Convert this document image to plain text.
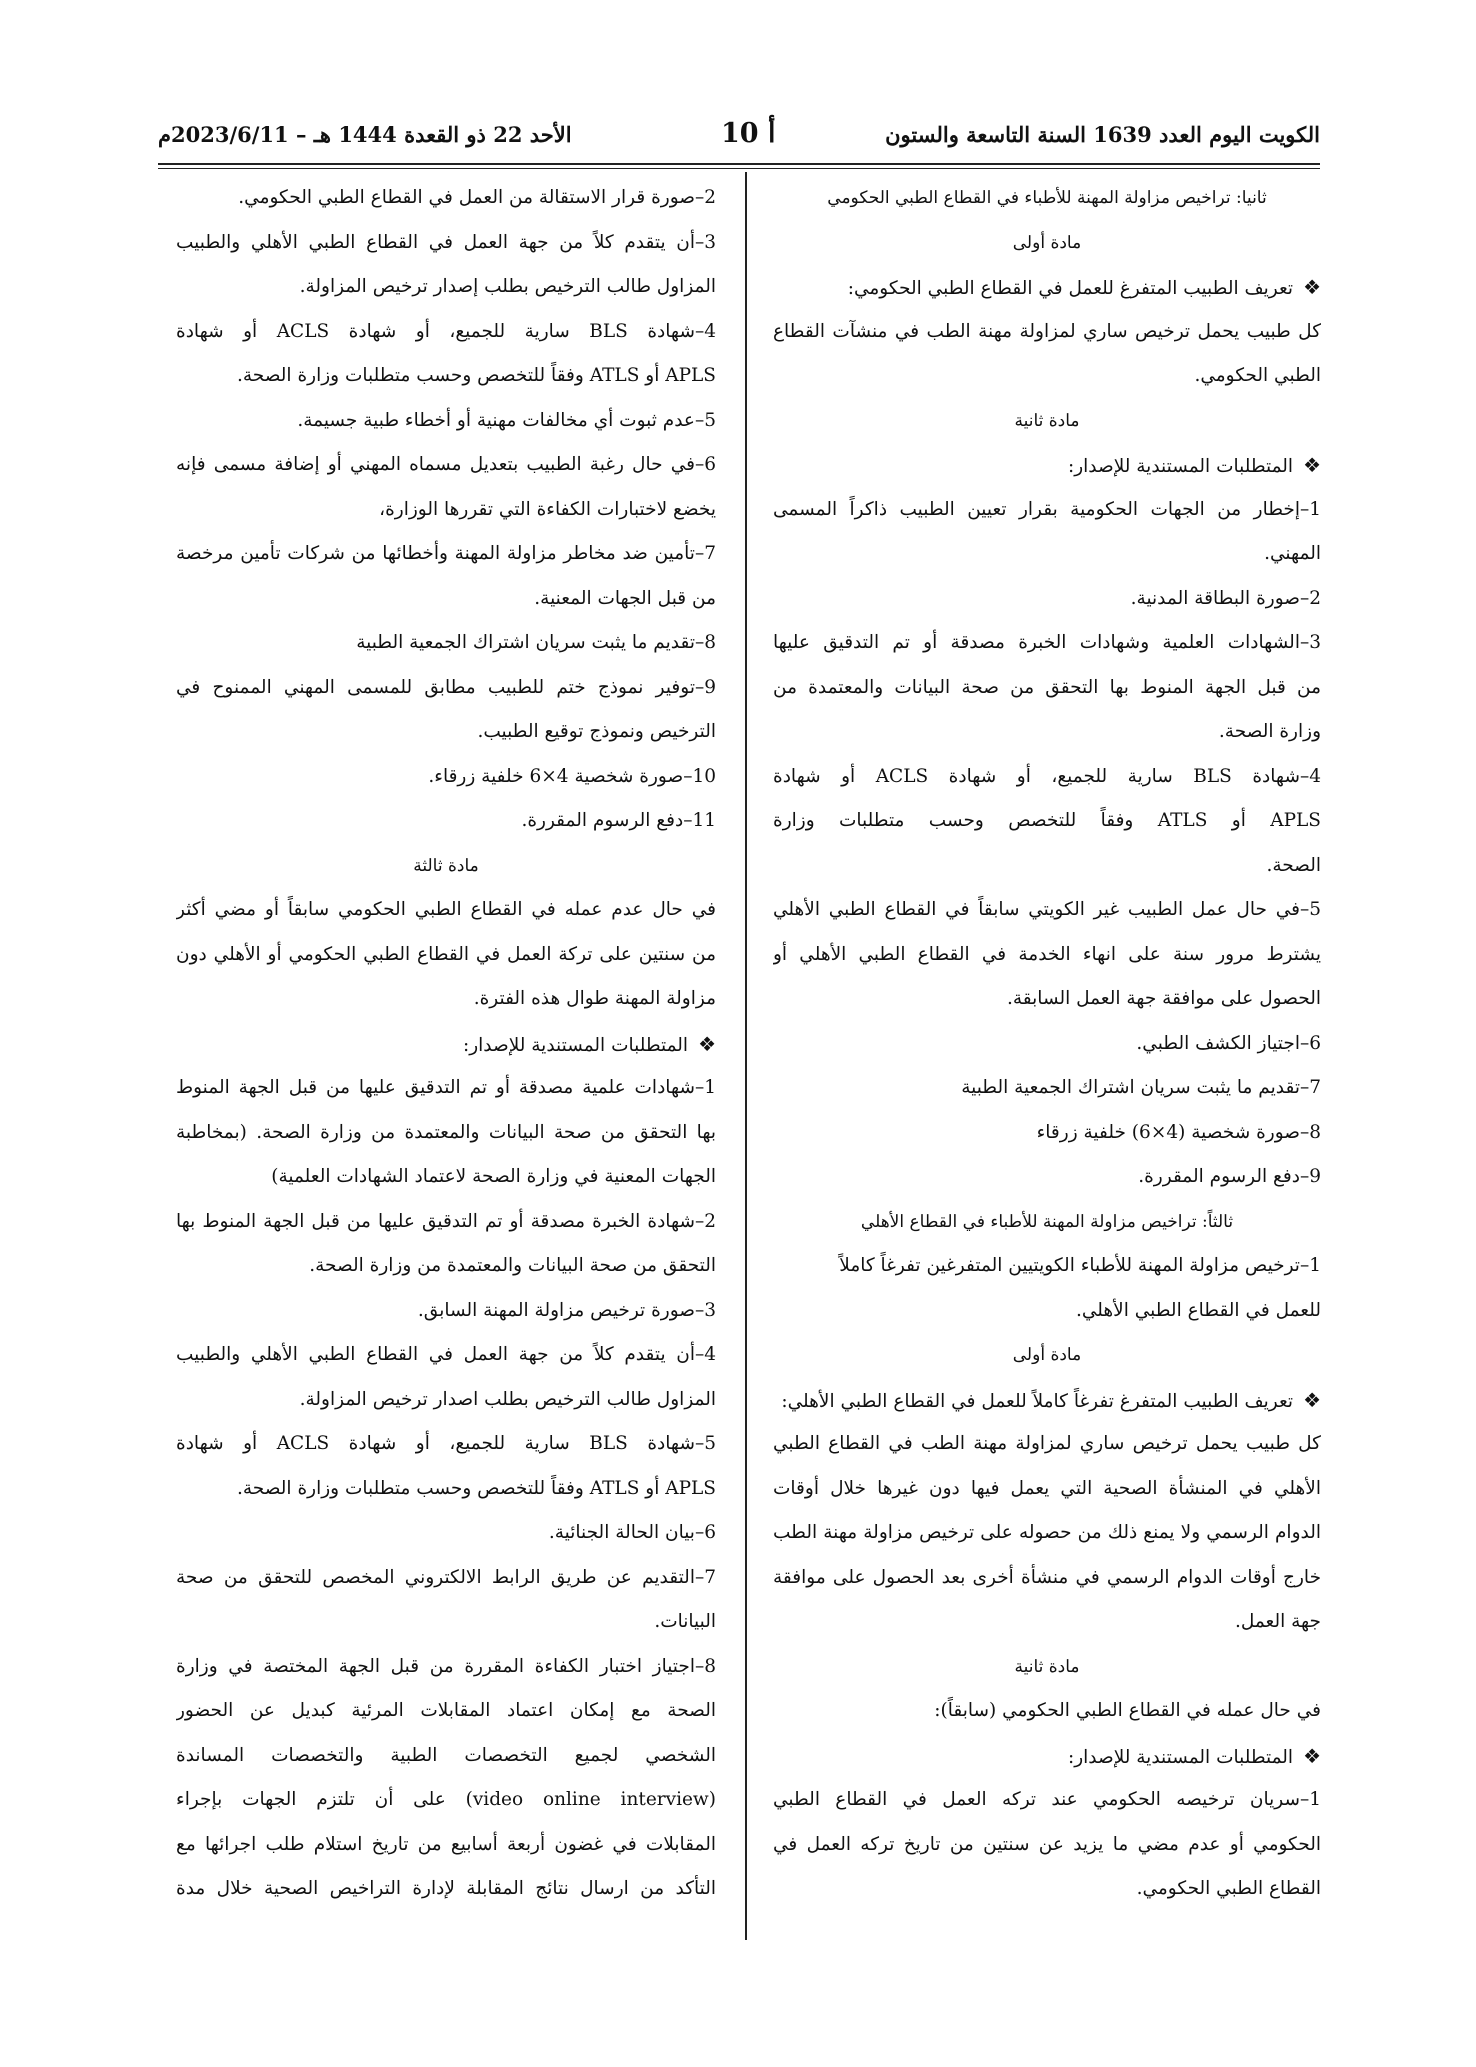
الكويت اليوم العدد 1639 السنة التاسعة والستون
أ 10
الأحد 22 ذو القعدة 1444 هـ – 2023/6/11م
ثانيا: تراخيص مزاولة المهنة للأطباء في القطاع الطبي الحكومي
مادة أولى
❖تعريف الطبيب المتفرغ للعمل في القطاع الطبي الحكومي:
كل طبيب يحمل ترخيص ساري لمزاولة مهنة الطب في منشآت القطاع
الطبي الحكومي.
مادة ثانية
❖المتطلبات المستندية للإصدار:
1–إخطار من الجهات الحكومية بقرار تعيين الطبيب ذاكراً المسمى
المهني.
2–صورة البطاقة المدنية.
3–الشهادات العلمية وشهادات الخبرة مصدقة أو تم التدقيق عليها
من قبل الجهة المنوط بها التحقق من صحة البيانات والمعتمدة من
وزارة الصحة.
4–شهادة BLS سارية للجميع، أو شهادة ACLS أو شهادة
APLS أو ATLS وفقاً للتخصص وحسب متطلبات وزارة
الصحة.
5–في حال عمل الطبيب غير الكويتي سابقاً في القطاع الطبي الأهلي
يشترط مرور سنة على انهاء الخدمة في القطاع الطبي الأهلي أو
الحصول على موافقة جهة العمل السابقة.
6–اجتياز الكشف الطبي.
7–تقديم ما يثبت سريان اشتراك الجمعية الطبية
8–صورة شخصية (4×6) خلفية زرقاء
9–دفع الرسوم المقررة.
ثالثاً: تراخيص مزاولة المهنة للأطباء في القطاع الأهلي
1–ترخيص مزاولة المهنة للأطباء الكويتيين المتفرغين تفرغاً كاملاً
للعمل في القطاع الطبي الأهلي.
مادة أولى
❖تعريف الطبيب المتفرغ تفرغاً كاملاً للعمل في القطاع الطبي الأهلي:
كل طبيب يحمل ترخيص ساري لمزاولة مهنة الطب في القطاع الطبي
الأهلي في المنشأة الصحية التي يعمل فيها دون غيرها خلال أوقات
الدوام الرسمي ولا يمنع ذلك من حصوله على ترخيص مزاولة مهنة الطب
خارج أوقات الدوام الرسمي في منشأة أخرى بعد الحصول على موافقة
جهة العمل.
مادة ثانية
في حال عمله في القطاع الطبي الحكومي (سابقاً):
❖المتطلبات المستندية للإصدار:
1–سريان ترخيصه الحكومي عند تركه العمل في القطاع الطبي
الحكومي أو عدم مضي ما يزيد عن سنتين من تاريخ تركه العمل في
القطاع الطبي الحكومي.
2–صورة قرار الاستقالة من العمل في القطاع الطبي الحكومي.
3–أن يتقدم كلاً من جهة العمل في القطاع الطبي الأهلي والطبيب
المزاول طالب الترخيص بطلب إصدار ترخيص المزاولة.
4–شهادة BLS سارية للجميع، أو شهادة ACLS أو شهادة
APLS أو ATLS وفقاً للتخصص وحسب متطلبات وزارة الصحة.
5–عدم ثبوت أي مخالفات مهنية أو أخطاء طبية جسيمة.
6–في حال رغبة الطبيب بتعديل مسماه المهني أو إضافة مسمى فإنه
يخضع لاختبارات الكفاءة التي تقررها الوزارة،
7–تأمين ضد مخاطر مزاولة المهنة وأخطائها من شركات تأمين مرخصة
من قبل الجهات المعنية.
8–تقديم ما يثبت سريان اشتراك الجمعية الطبية
9–توفير نموذج ختم للطبيب مطابق للمسمى المهني الممنوح في
الترخيص ونموذج توقيع الطبيب.
10–صورة شخصية 4×6 خلفية زرقاء.
11–دفع الرسوم المقررة.
مادة ثالثة
في حال عدم عمله في القطاع الطبي الحكومي سابقاً أو مضي أكثر
من سنتين على تركة العمل في القطاع الطبي الحكومي أو الأهلي دون
مزاولة المهنة طوال هذه الفترة.
❖المتطلبات المستندية للإصدار:
1–شهادات علمية مصدقة أو تم التدقيق عليها من قبل الجهة المنوط
بها التحقق من صحة البيانات والمعتمدة من وزارة الصحة. (بمخاطبة
الجهات المعنية في وزارة الصحة لاعتماد الشهادات العلمية)
2–شهادة الخبرة مصدقة أو تم التدقيق عليها من قبل الجهة المنوط بها
التحقق من صحة البيانات والمعتمدة من وزارة الصحة.
3–صورة ترخيص مزاولة المهنة السابق.
4–أن يتقدم كلاً من جهة العمل في القطاع الطبي الأهلي والطبيب
المزاول طالب الترخيص بطلب اصدار ترخيص المزاولة.
5–شهادة BLS سارية للجميع، أو شهادة ACLS أو شهادة
APLS أو ATLS وفقاً للتخصص وحسب متطلبات وزارة الصحة.
6–بيان الحالة الجنائية.
7–التقديم عن طريق الرابط الالكتروني المخصص للتحقق من صحة
البيانات.
8–اجتياز اختبار الكفاءة المقررة من قبل الجهة المختصة في وزارة
الصحة مع إمكان اعتماد المقابلات المرئية كبديل عن الحضور
الشخصي لجميع التخصصات الطبية والتخصصات المساندة
(video online interview) على أن تلتزم الجهات بإجراء
المقابلات في غضون أربعة أسابيع من تاريخ استلام طلب اجرائها مع
التأكد من ارسال نتائج المقابلة لإدارة التراخيص الصحية خلال مدة
